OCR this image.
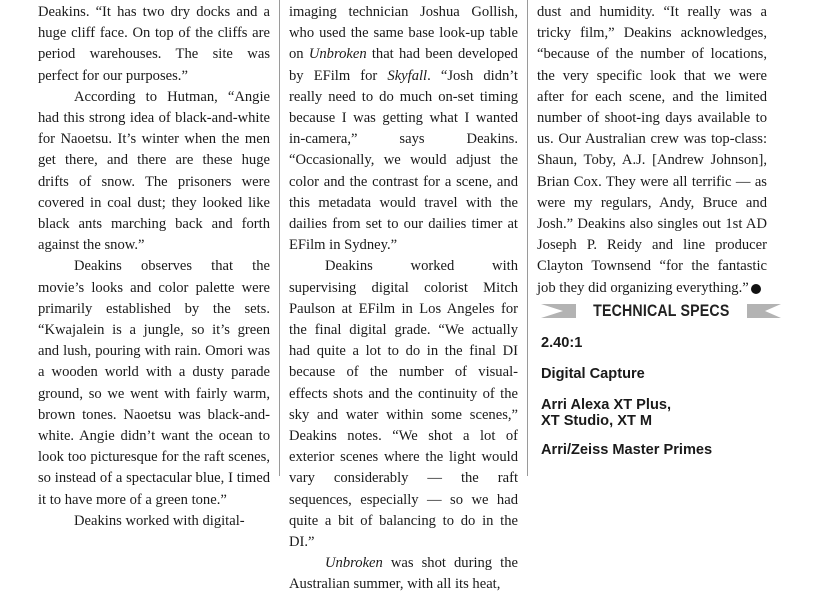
Deakins. “It has two dry docks and a huge cliff face. On top of the cliffs are period warehouses. The site was perfect for our purposes.”

According to Hutman, “Angie had this strong idea of black-and-white for Naoetsu. It’s winter when the men get there, and there are these huge drifts of snow. The prisoners were covered in coal dust; they looked like black ants marching back and forth against the snow.”

Deakins observes that the movie’s looks and color palette were primarily established by the sets. “Kwajalein is a jungle, so it’s green and lush, pouring with rain. Omori was a wooden world with a dusty parade ground, so we went with fairly warm, brown tones. Naoetsu was black-and-white. Angie didn’t want the ocean to look too picturesque for the raft scenes, so instead of a spectacular blue, I timed it to have more of a green tone.”

Deakins worked with digital-

imaging technician Joshua Gollish, who used the same base look-up table on Unbroken that had been developed by EFilm for Skyfall. “Josh didn’t really need to do much on-set timing because I was getting what I wanted in-camera,” says Deakins. “Occasionally, we would adjust the color and the contrast for a scene, and this metadata would travel with the dailies from set to our dailies timer at EFilm in Sydney.”

Deakins worked with supervising digital colorist Mitch Paulson at EFilm in Los Angeles for the final digital grade. “We actually had quite a lot to do in the final DI because of the number of visual-effects shots and the continuity of the sky and water within some scenes,” Deakins notes. “We shot a lot of exterior scenes where the light would vary considerably — the raft sequences, especially — so we had quite a bit of balancing to do in the DI.”

Unbroken was shot during the Australian summer, with all its heat,

dust and humidity. “It really was a tricky film,” Deakins acknowledges, “because of the number of locations, the very specific look that we were after for each scene, and the limited number of shoot-ing days available to us. Our Australian crew was top-class: Shaun, Toby, A.J. [Andrew Johnson], Brian Cox. They were all terrific — as were my regulars, Andy, Bruce and Josh.” Deakins also singles out 1st AD Joseph P. Reidy and line producer Clayton Townsend “for the fantastic job they did organizing everything.”

TECHNICAL SPECS

2.40:1

Digital Capture

Arri Alexa XT Plus,
XT Studio, XT M

Arri/Zeiss Master Primes
